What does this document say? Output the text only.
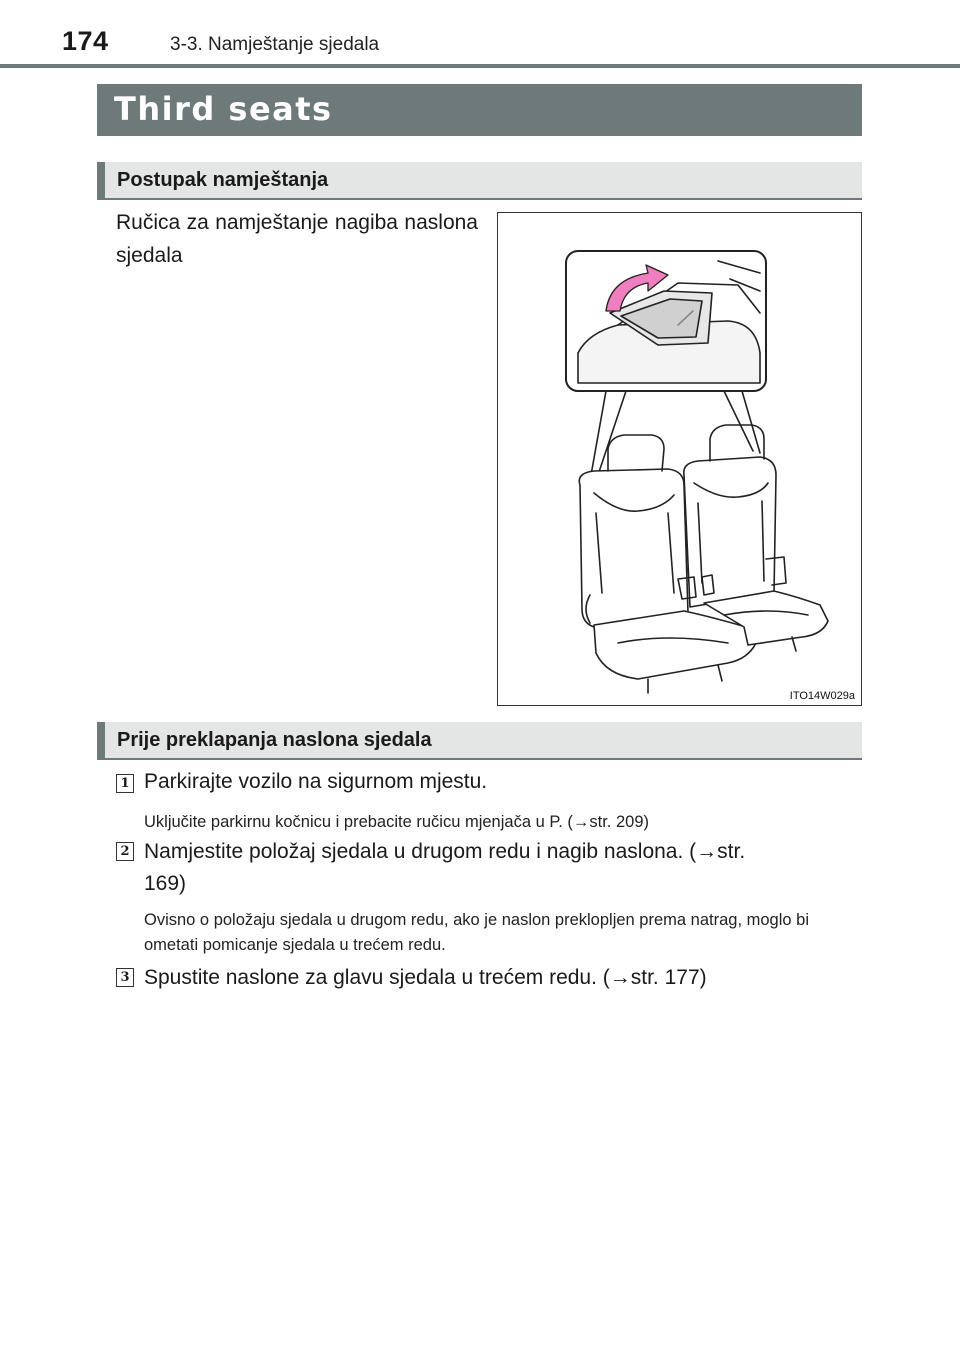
174	3-3. Namještanje sjedala
Third seats
Postupak namještanja
Ručica za namještanje nagiba naslona sjedala
ITO14W029a
Prije preklapanja naslona sjedala
1 Parkirajte vozilo na sigurnom mjestu.
Uključite parkirnu kočnicu i prebacite ručicu mjenjača u P. (→str. 209)
2 Namjestite položaj sjedala u drugom redu i nagib naslona. (→str. 169)
Ovisno o položaju sjedala u drugom redu, ako je naslon preklopljen prema natrag, moglo bi ometati pomicanje sjedala u trećem redu.
3 Spustite naslone za glavu sjedala u trećem redu. (→str. 177)
